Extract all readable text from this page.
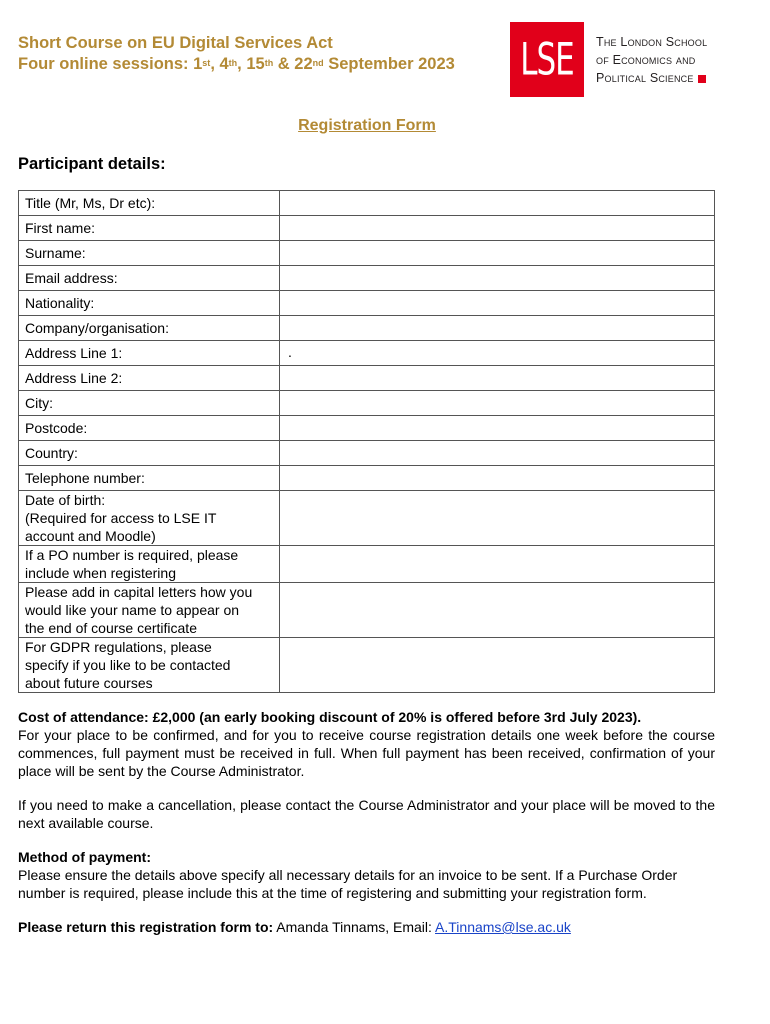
Short Course on EU Digital Services Act
Four online sessions: 1st, 4th, 15th & 22nd September 2023 LSE The London School
of Economics and
Political Science
Registration Form
Participant details:
Title (Mr, Ms, Dr etc):	
First name:	
Surname:	
Email address:	
Nationality:	
Company/organisation:	
Address Line 1:	.

Address Line 2:	
City:	
Postcode:	
Country:	
Telephone number:	

Date of birth:
(Required for access to LSE IT
account and Moodle)	

If a PO number is required, please
include when registering	

Please add in capital letters how you
would like your name to appear on
the end of course certificate	

For GDPR regulations, please
specify if you like to be contacted
about future courses	

Cost of attendance: £2,000 (an early booking discount of 20% is offered before 3rd July 2023).
For your place to be confirmed, and for you to receive course registration details one week before the course commences, full payment must be received in full. When full payment has been received, confirmation of your place will be sent by the Course Administrator.

If you need to make a cancellation, please contact the Course Administrator and your place will be moved to the next available course.

Method of payment:
Please ensure the details above specify all necessary details for an invoice to be sent. If a Purchase Order number is required, please include this at the time of registering and submitting your registration form.

Please return this registration form to: Amanda Tinnams, Email: A.Tinnams@lse.ac.uk
